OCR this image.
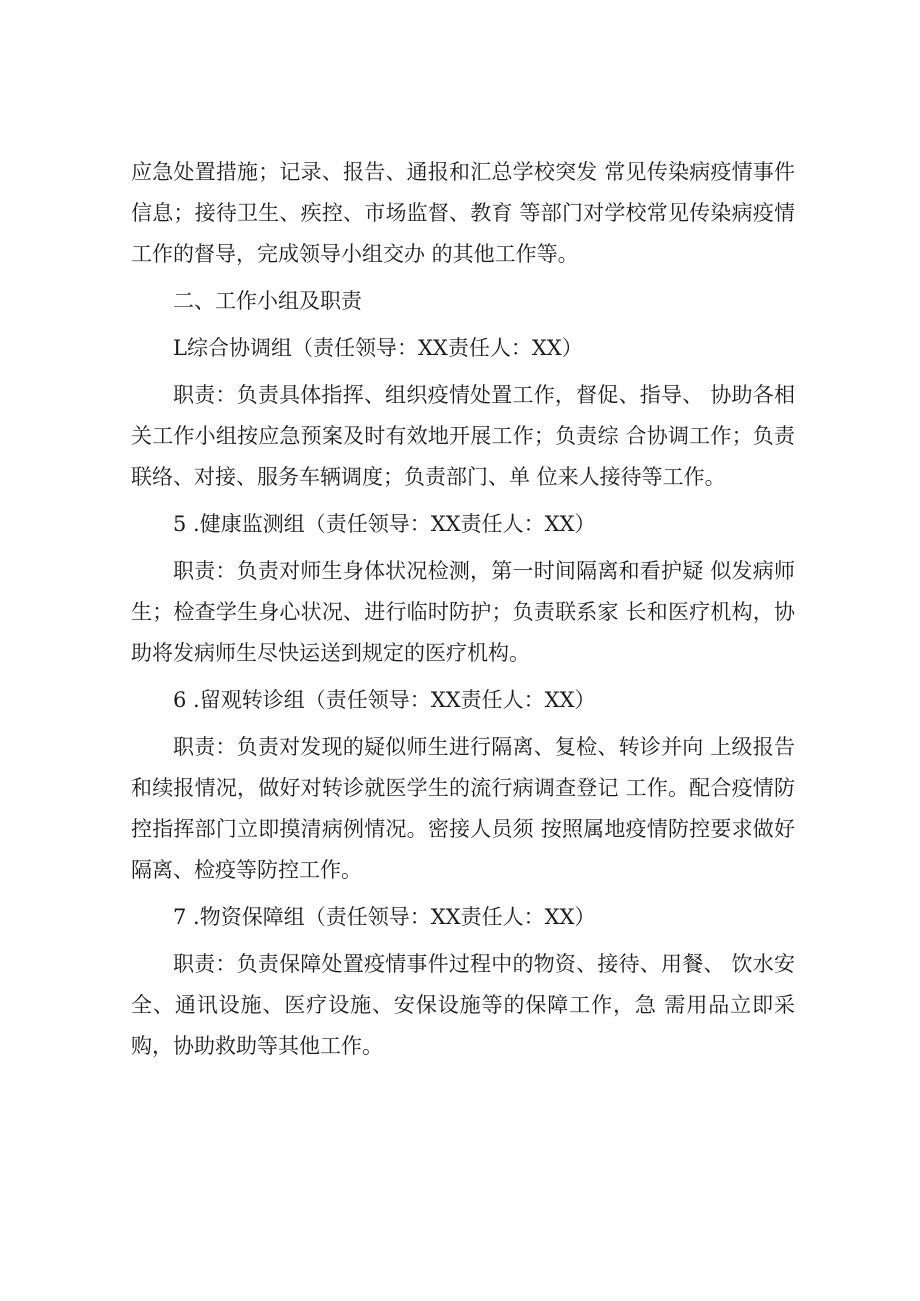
应急处置措施；记录、报告、通报和汇总学校突发 常见传染病疫情事件信息；接待卫生、疾控、市场监督、教育 等部门对学校常见传染病疫情工作的督导，完成领导小组交办 的其他工作等。

二、工作小组及职责

L综合协调组（责任领导：XX责任人：XX）

职责：负责具体指挥、组织疫情处置工作，督促、指导、 协助各相关工作小组按应急预案及时有效地开展工作；负责综 合协调工作；负责联络、对接、服务车辆调度；负责部门、单 位来人接待等工作。

5 .健康监测组（责任领导：XX责任人：XX）

职责：负责对师生身体状况检测，第一时间隔离和看护疑 似发病师生；检查学生身心状况、进行临时防护；负责联系家 长和医疗机构，协助将发病师生尽快运送到规定的医疗机构。

6 .留观转诊组（责任领导：XX责任人：XX）

职责：负责对发现的疑似师生进行隔离、复检、转诊并向 上级报告和续报情况，做好对转诊就医学生的流行病调查登记 工作。配合疫情防控指挥部门立即摸清病例情况。密接人员须 按照属地疫情防控要求做好隔离、检疫等防控工作。

7 .物资保障组（责任领导：XX责任人：XX）

职责：负责保障处置疫情事件过程中的物资、接待、用餐、 饮水安全、通讯设施、医疗设施、安保设施等的保障工作，急 需用品立即采购，协助救助等其他工作。
